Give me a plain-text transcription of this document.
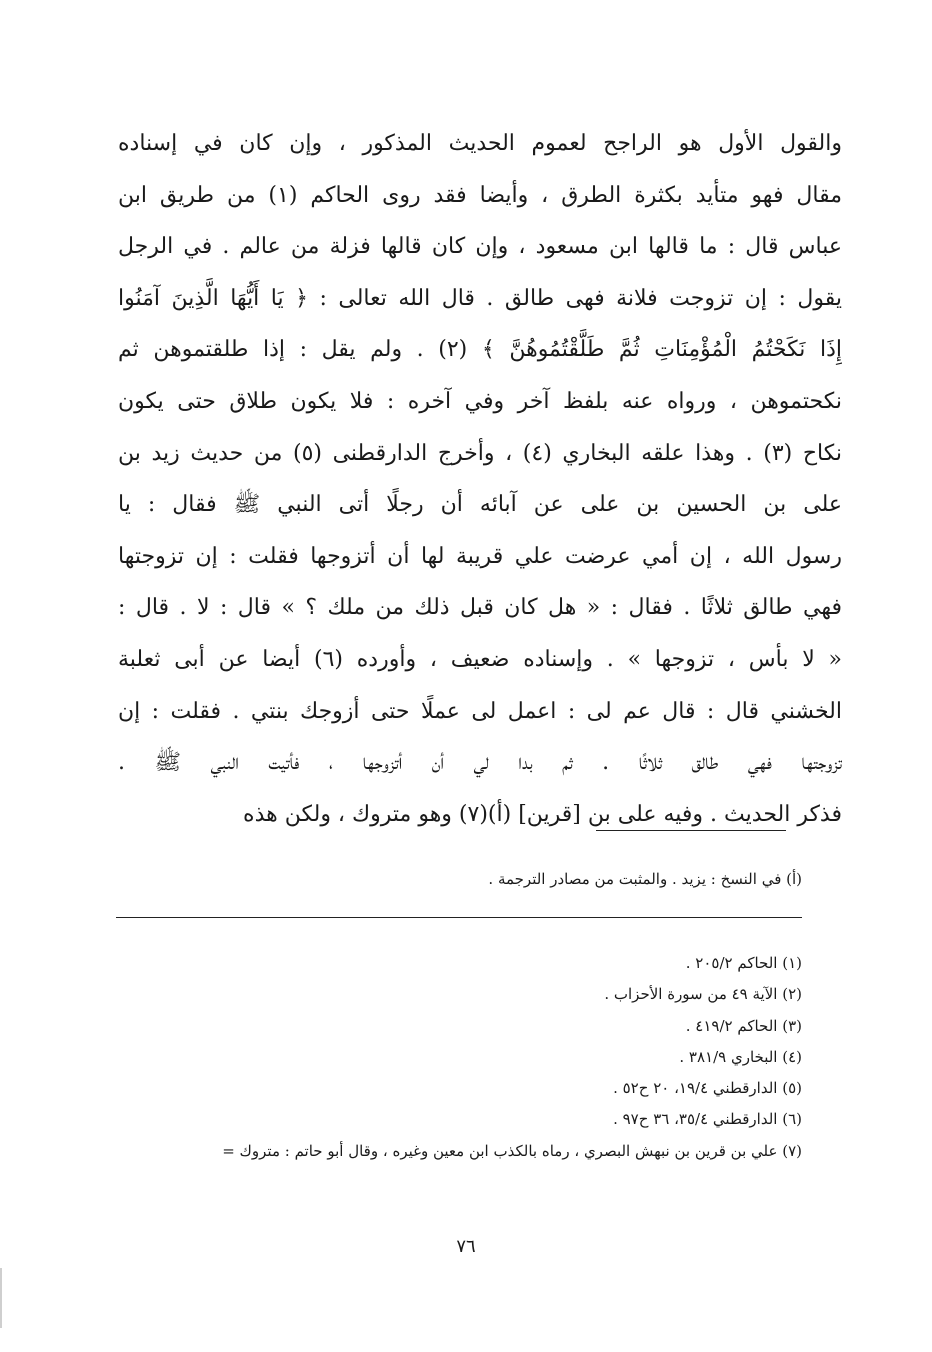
والقول الأول هو الراجح لعموم الحديث المذكور ، وإن كان في إسناده
مقال فهو متأيد بكثرة الطرق ، وأيضا فقد روى الحاكم (١) من طريق ابن
عباس قال : ما قالها ابن مسعود ، وإن كان قالها فزلة من عالم . في الرجل
يقول : إن تزوجت فلانة فهى طالق . قال الله تعالى : ﴿ يَا أَيُّهَا الَّذِينَ آمَنُوا
إِذَا نَكَحْتُمُ الْمُؤْمِنَاتِ ثُمَّ طَلَّقْتُمُوهُنَّ ﴾ (٢) . ولم يقل : إذا طلقتموهن ثم
نكحتموهن ، ورواه عنه بلفظ آخر وفي آخره : فلا يكون طلاق حتى يكون
نكاح (٣) . وهذا علقه البخاري (٤) ، وأخرج الدارقطنى (٥) من حديث زيد بن
على بن الحسين بن على عن آبائه أن رجلًا أتى النبي ﷺ فقال : يا
رسول الله ، إن أمي عرضت علي قريبة لها أن أتزوجها فقلت : إن تزوجتها
فهي طالق ثلاثًا . فقال : « هل كان قبل ذلك من ملك ؟ » قال : لا . قال :
« لا بأس ، تزوجها » . وإسناده ضعيف ، وأورده (٦) أيضا عن أبى ثعلبة
الخشني قال : قال عم لى : اعمل لى عملًا حتى أزوجك بنتي . فقلت : إن
تزوجتها فهي طالق ثلاثًا . ثم بدا لي أن أتزوجها ، فأتيت النبي ﷺ .
فذكر الحديث . وفيه على بن [قرين] (أ)(٧) وهو متروك ، ولكن هذه
(أ) في النسخ : يزيد . والمثبت من مصادر الترجمة .
(١) الحاكم ٢٠٥/٢ .
(٢) الآية ٤٩ من سورة الأحزاب .
(٣) الحاكم ٤١٩/٢ .
(٤) البخاري ٣٨١/٩ .
(٥) الدارقطني ١٩/٤، ٢٠ ح٥٢ .
(٦) الدارقطني ٣٥/٤، ٣٦ ح٩٧ .
(٧) علي بن قرين بن نبهش البصري ، رماه بالكذب ابن معين وغيره ، وقال أبو حاتم : متروك =
٧٦
